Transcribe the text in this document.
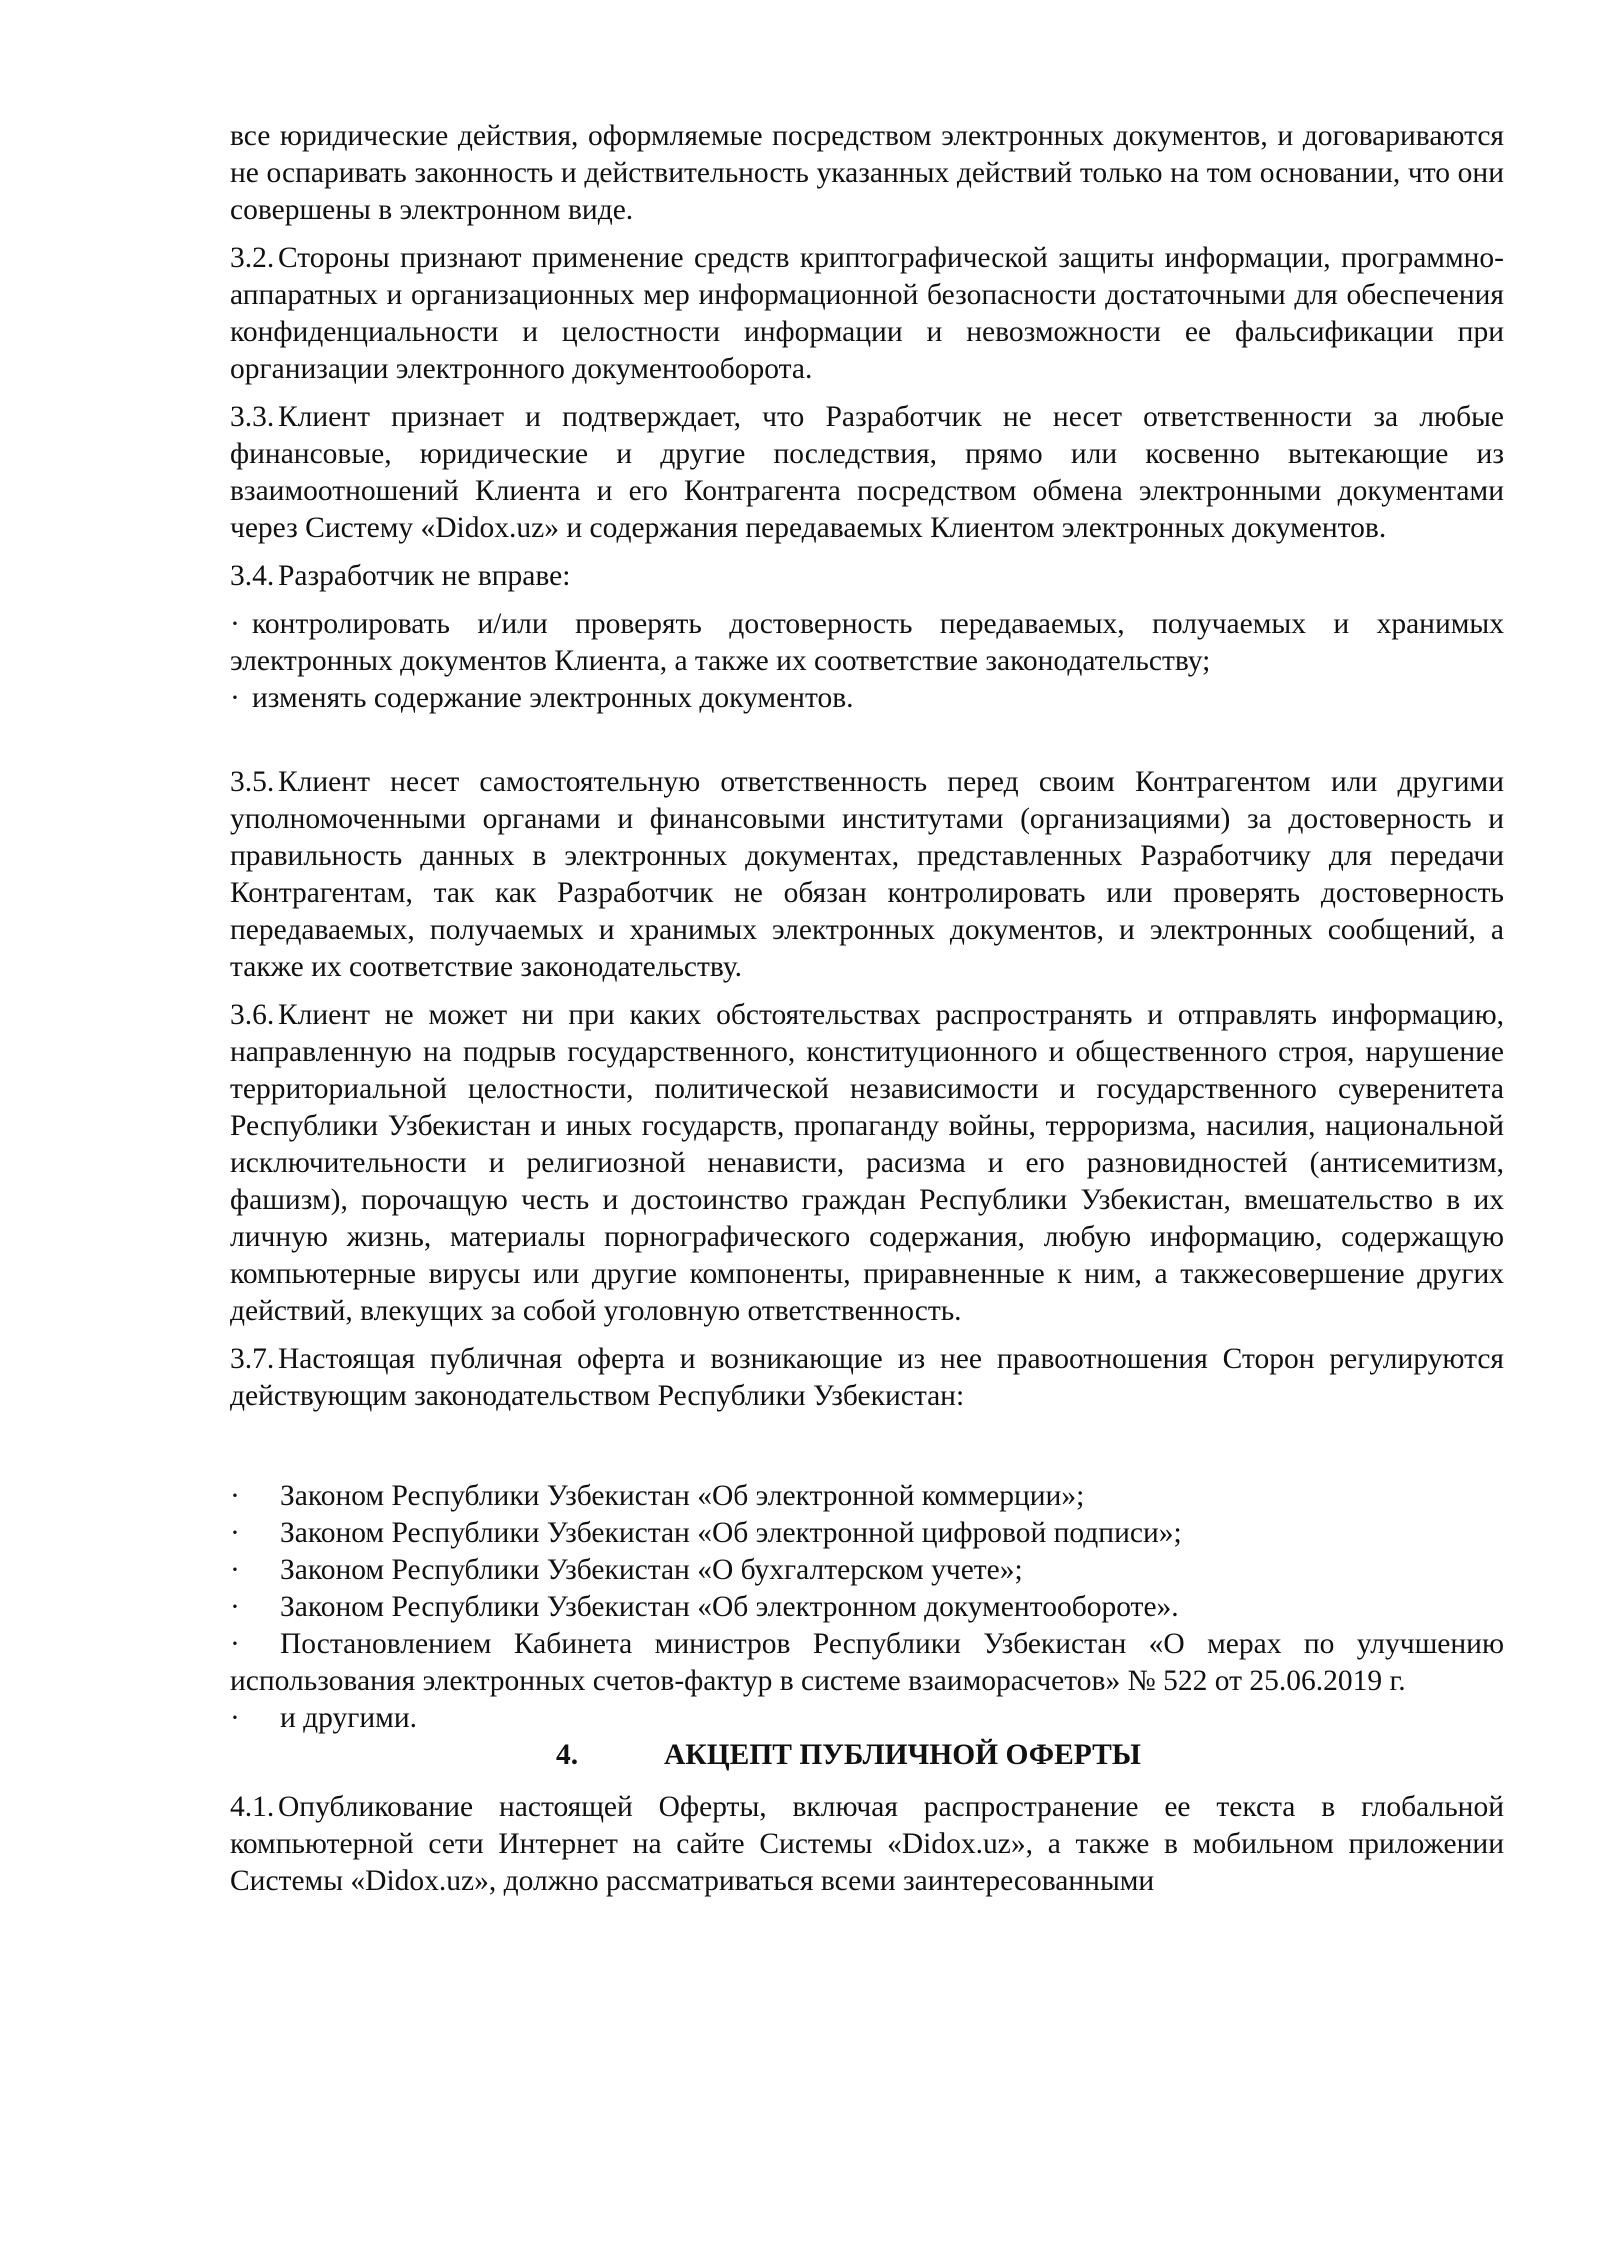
все юридические действия, оформляемые посредством электронных документов, и договариваются не оспаривать законность и действительность указанных действий только на том основании, что они совершены в электронном виде.

3.2. Стороны признают применение средств криптографической защиты информации, программно-аппаратных и организационных мер информационной безопасности достаточными для обеспечения конфиденциальности и целостности информации и невозможности ее фальсификации при организации электронного документооборота.

3.3. Клиент признает и подтверждает, что Разработчик не несет ответственности за любые финансовые, юридические и другие последствия, прямо или косвенно вытекающие из взаимоотношений Клиента и его Контрагента посредством обмена электронными документами через Систему «Didox.uz» и содержания передаваемых Клиентом электронных документов.

3.4. Разработчик не вправе:

· контролировать и/или проверять достоверность передаваемых, получаемых и хранимых электронных документов Клиента, а также их соответствие законодательству;

· изменять содержание электронных документов.

3.5. Клиент несет самостоятельную ответственность перед своим Контрагентом или другими уполномоченными органами и финансовыми институтами (организациями) за достоверность и правильность данных в электронных документах, представленных Разработчику для передачи Контрагентам, так как Разработчик не обязан контролировать или проверять достоверность передаваемых, получаемых и хранимых электронных документов, и электронных сообщений, а также их соответствие законодательству.

3.6. Клиент не может ни при каких обстоятельствах распространять и отправлять информацию, направленную на подрыв государственного, конституционного и общественного строя, нарушение территориальной целостности, политической независимости и государственного суверенитета Республики Узбекистан и иных государств, пропаганду войны, терроризма, насилия, национальной исключительности и религиозной ненависти, расизма и его разновидностей (антисемитизм, фашизм), порочащую честь и достоинство граждан Республики Узбекистан, вмешательство в их личную жизнь, материалы порнографического содержания, любую информацию, содержащую компьютерные вирусы или другие компоненты, приравненные к ним, а такжесовершение других действий, влекущих за собой уголовную ответственность.

3.7. Настоящая публичная оферта и возникающие из нее правоотношения Сторон регулируются действующим законодательством Республики Узбекистан:

· Законом Республики Узбекистан «Об электронной коммерции»;

· Законом Республики Узбекистан «Об электронной цифровой подписи»;

· Законом Республики Узбекистан «О бухгалтерском учете»;

· Законом Республики Узбекистан «Об электронном документообороте».

· Постановлением Кабинета министров Республики Узбекистан «О мерах по улучшению использования электронных счетов-фактур в системе взаиморасчетов» № 522 от 25.06.2019 г.

· и другими.

4.	АКЦЕПТ ПУБЛИЧНОЙ ОФЕРТЫ

4.1. Опубликование настоящей Оферты, включая распространение ее текста в глобальной компьютерной сети Интернет на сайте Системы «Didox.uz», а также в мобильном приложении Системы «Didox.uz», должно рассматриваться всеми заинтересованными
